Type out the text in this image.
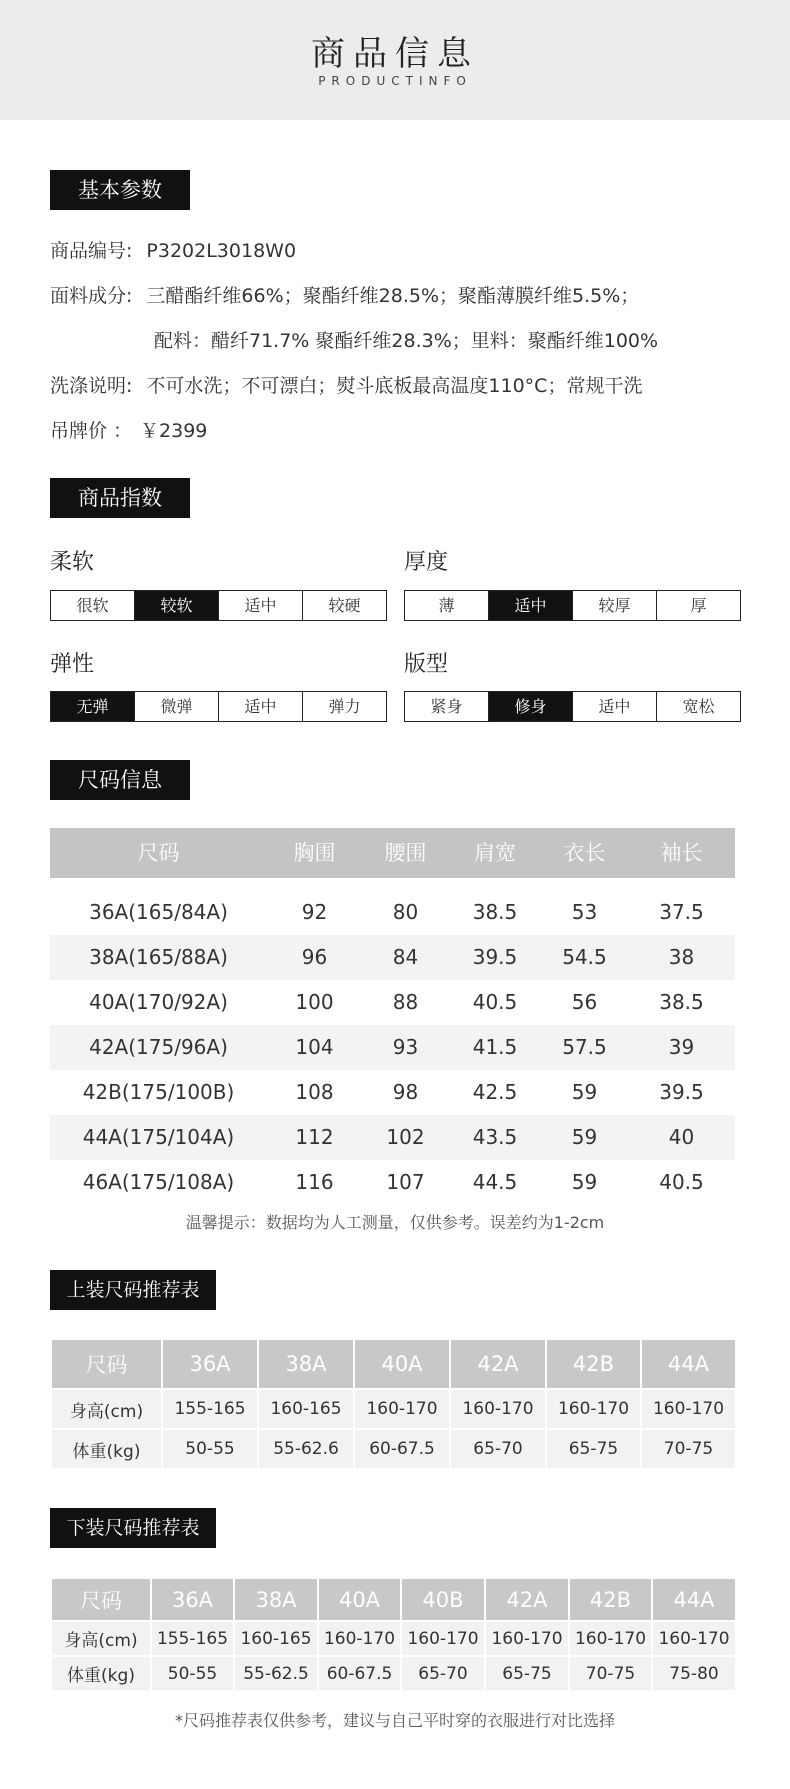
商品信息
PRODUCTINFO
基本参数
商品编号: P3202L3018W0
面料成分: 三醋酯纤维66%；聚酯纤维28.5%；聚酯薄膜纤维5.5%；
配料：醋纤71.7% 聚酯纤维28.3%；里料：聚酯纤维100%
洗涤说明: 不可水洗；不可漂白；熨斗底板最高温度110°C；常规干洗
吊牌价 ： ￥2399
商品指数
柔软
很软	较软	适中	较硬
厚度
薄	适中	较厚	厚
弹性
无弹	微弹	适中	弹力
版型
紧身	修身	适中	宽松
尺码信息
尺码	胸围	腰围	肩宽	衣长	袖长
36A(165/84A)	92	80	38.5	53	37.5
38A(165/88A)	96	84	39.5	54.5	38
40A(170/92A)	100	88	40.5	56	38.5
42A(175/96A)	104	93	41.5	57.5	39
42B(175/100B)	108	98	42.5	59	39.5
44A(175/104A)	112	102	43.5	59	40
46A(175/108A)	116	107	44.5	59	40.5
温馨提示：数据均为人工测量，仅供参考。误差约为1-2cm
上装尺码推荐表
尺码	36A	38A	40A	42A	42B	44A
身高(cm)	155-165	160-165	160-170	160-170	160-170	160-170
体重(kg)	50-55	55-62.6	60-67.5	65-70	65-75	70-75
下装尺码推荐表
尺码	36A	38A	40A	40B	42A	42B	44A
身高(cm)	155-165	160-165	160-170	160-170	160-170	160-170	160-170
体重(kg)	50-55	55-62.5	60-67.5	65-70	65-75	70-75	75-80
*尺码推荐表仅供参考，建议与自己平时穿的衣服进行对比选择
